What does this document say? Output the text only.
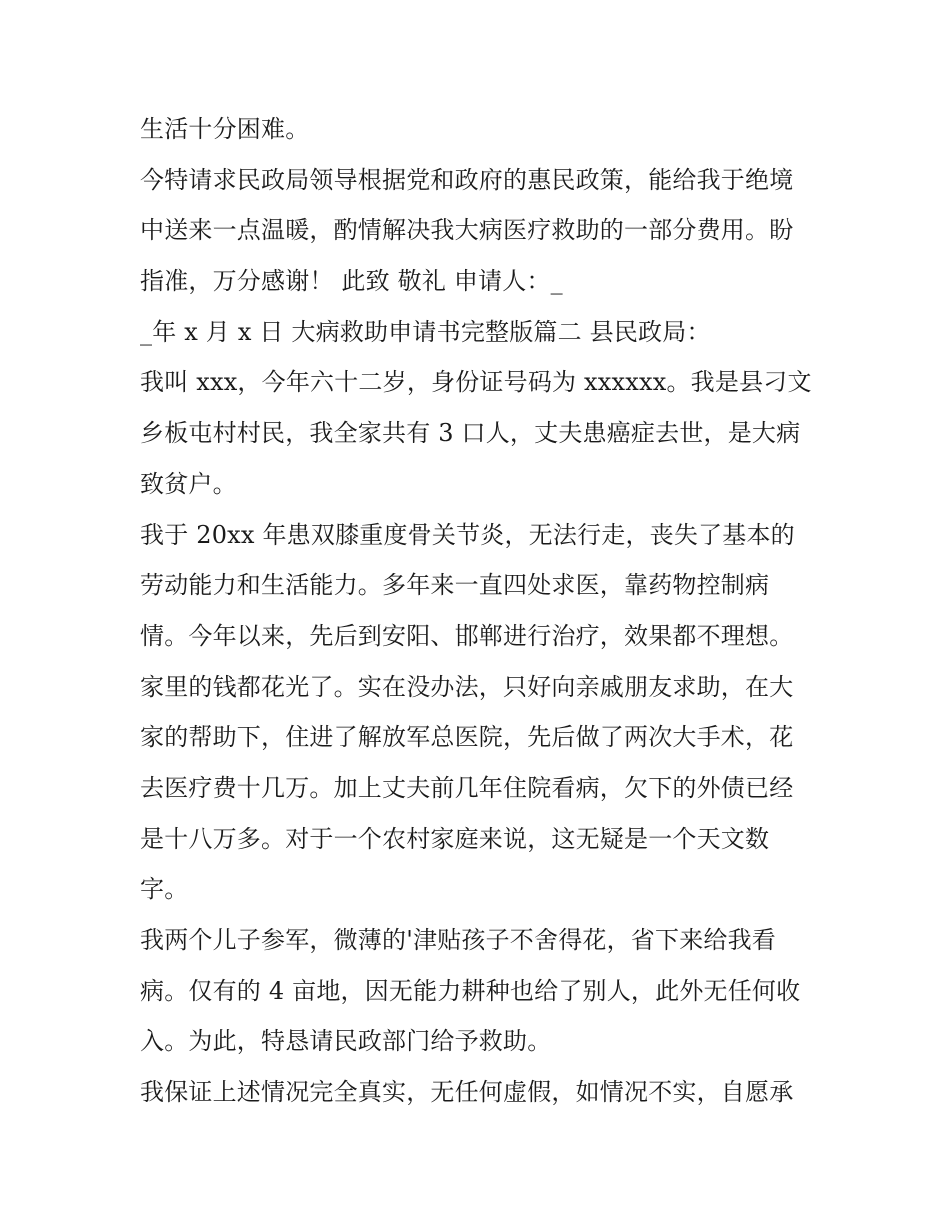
生活十分困难。
今特请求民政局领导根据党和政府的惠民政策，能给我于绝境
中送来一点温暖，酌情解决我大病医疗救助的一部分费用。盼
指准，万分感谢！ 此致 敬礼 申请人：_
_年 x 月 x 日 大病救助申请书完整版篇二 县民政局：
我叫 xxx，今年六十二岁，身份证号码为 xxxxxx。我是县刁文
乡板屯村村民，我全家共有 3 口人，丈夫患癌症去世，是大病
致贫户。
我于 20xx 年患双膝重度骨关节炎，无法行走，丧失了基本的
劳动能力和生活能力。多年来一直四处求医，靠药物控制病
情。今年以来，先后到安阳、邯郸进行治疗，效果都不理想。
家里的钱都花光了。实在没办法，只好向亲戚朋友求助，在大
家的帮助下，住进了解放军总医院，先后做了两次大手术，花
去医疗费十几万。加上丈夫前几年住院看病，欠下的外债已经
是十八万多。对于一个农村家庭来说，这无疑是一个天文数
字。
我两个儿子参军，微薄的'津贴孩子不舍得花，省下来给我看
病。仅有的 4 亩地，因无能力耕种也给了别人，此外无任何收
入。为此，特恳请民政部门给予救助。
我保证上述情况完全真实，无任何虚假，如情况不实，自愿承
